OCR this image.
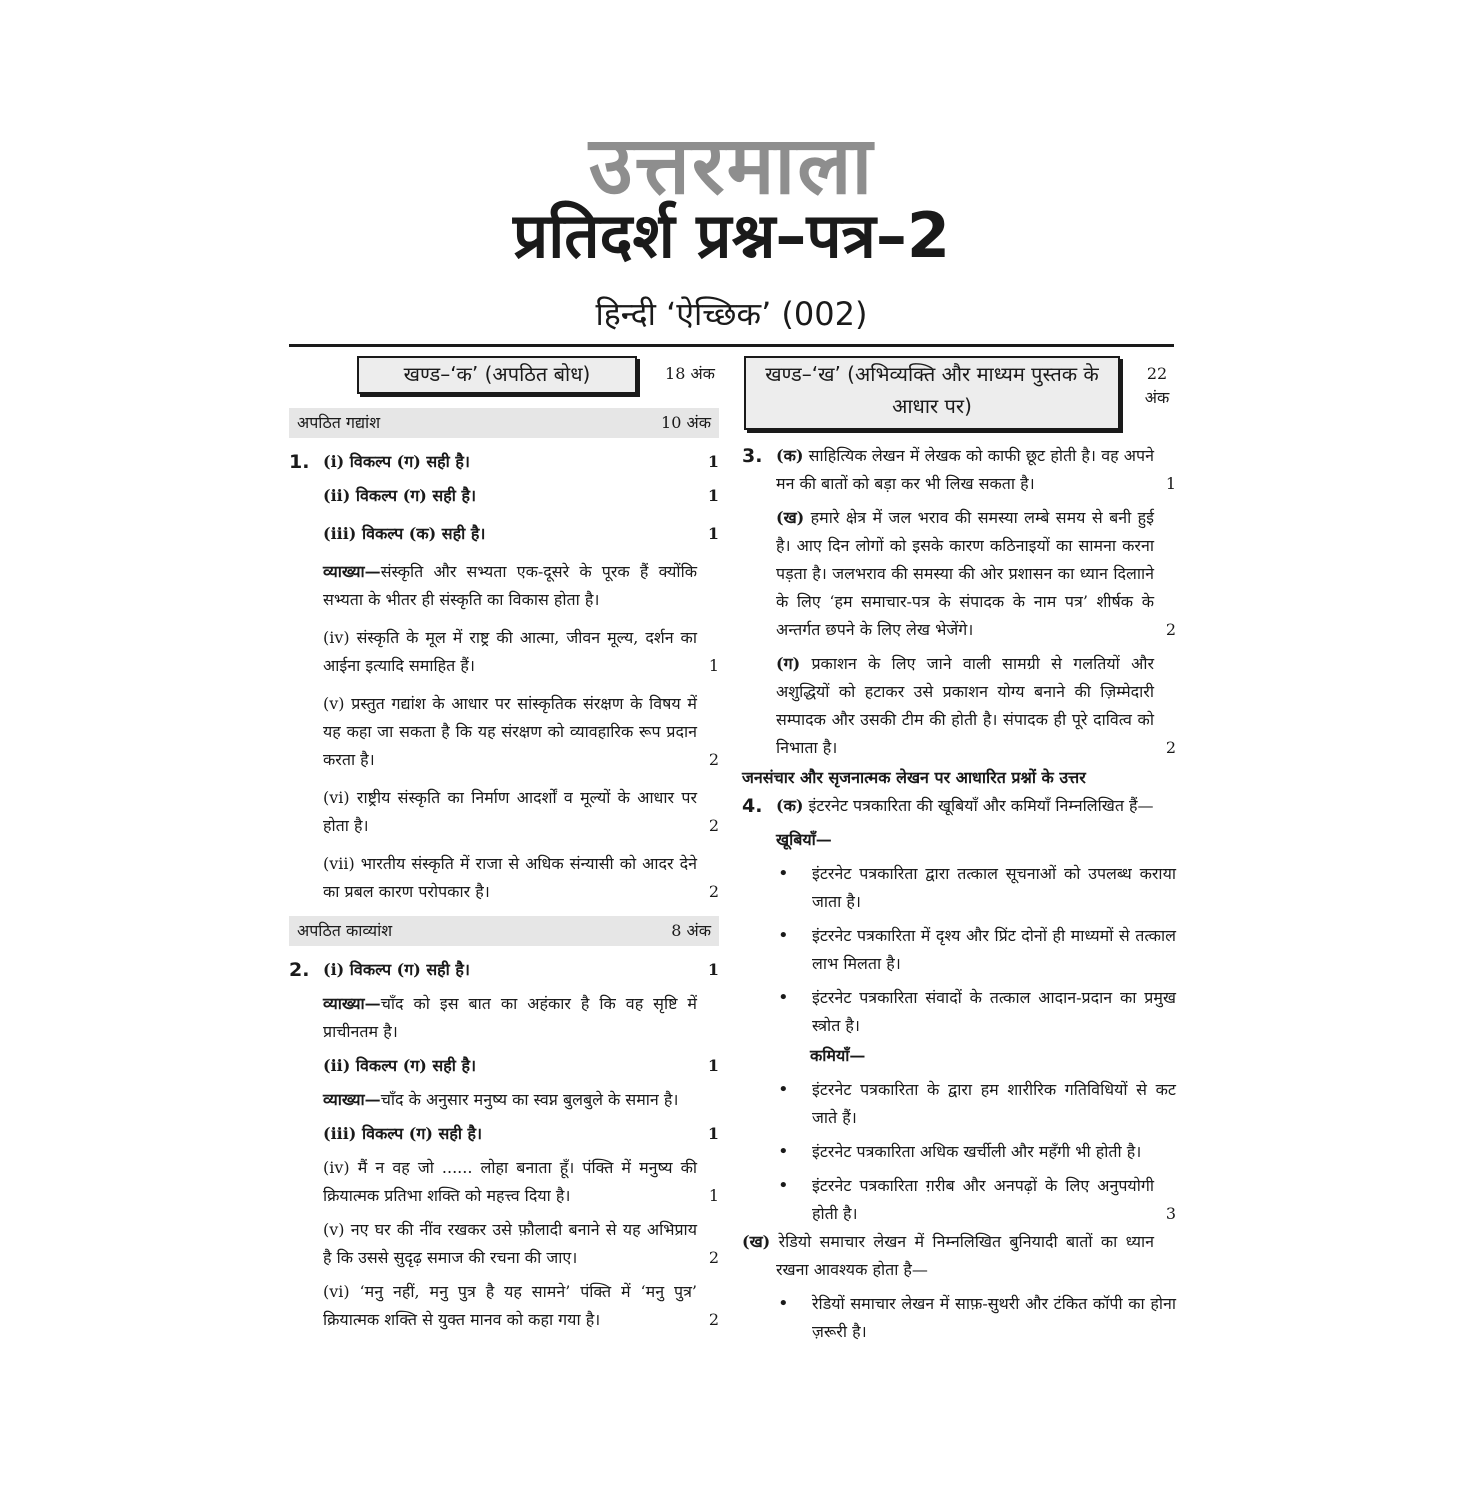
उत्तरमाला
प्रतिदर्श प्रश्न–पत्र–2
हिन्दी ‘ऐच्छिक’ (002)
खण्ड–‘क’ (अपठित बोध)	18 अंक
अपठित गद्यांश	10 अंक
1. (i) विकल्प (ग) सही है।	1
(ii) विकल्प (ग) सही है।	1
(iii) विकल्प (क) सही है।	1
व्याख्या—संस्कृति और सभ्यता एक-दूसरे के पूरक हैं क्योंकि सभ्यता के भीतर ही संस्कृति का विकास होता है।
(iv) संस्कृति के मूल में राष्ट्र की आत्मा, जीवन मूल्य, दर्शन का आईना इत्यादि समाहित हैं।	1
(v) प्रस्तुत गद्यांश के आधार पर सांस्कृतिक संरक्षण के विषय में यह कहा जा सकता है कि यह संरक्षण को व्यावहारिक रूप प्रदान करता है।	2
(vi) राष्ट्रीय संस्कृति का निर्माण आदर्शों व मूल्यों के आधार पर होता है।	2
(vii) भारतीय संस्कृति में राजा से अधिक संन्यासी को आदर देने का प्रबल कारण परोपकार है।	2
अपठित काव्यांश	8 अंक
2. (i) विकल्प (ग) सही है।	1
व्याख्या—चाँद को इस बात का अहंकार है कि वह सृष्टि में प्राचीनतम है।
(ii) विकल्प (ग) सही है।	1
व्याख्या—चाँद के अनुसार मनुष्य का स्वप्न बुलबुले के समान है।
(iii) विकल्प (ग) सही है।	1
(iv) मैं न वह जो ...... लोहा बनाता हूँ। पंक्ति में मनुष्य की क्रियात्मक प्रतिभा शक्ति को महत्त्व दिया है।	1
(v) नए घर की नींव रखकर उसे फ़ौलादी बनाने से यह अभिप्राय है कि उससे सुदृढ़ समाज की रचना की जाए।	2
(vi) ‘मनु नहीं, मनु पुत्र है यह सामने’ पंक्ति में ‘मनु पुत्र’ क्रियात्मक शक्ति से युक्त मानव को कहा गया है।	2
खण्ड–‘ख’ (अभिव्यक्ति और माध्यम पुस्तक के आधार पर)
22
अंक
3. (क) साहित्यिक लेखन में लेखक को काफी छूट होती है। वह अपने मन की बातों को बड़ा कर भी लिख सकता है।	1
(ख) हमारे क्षेत्र में जल भराव की समस्या लम्बे समय से बनी हुई है। आए दिन लोगों को इसके कारण कठिनाइयों का सामना करना पड़ता है। जलभराव की समस्या की ओर प्रशासन का ध्यान दिलााने के लिए ‘हम समाचार-पत्र के संपादक के नाम पत्र’ शीर्षक के अन्तर्गत छपने के लिए लेख भेजेंगे।	2
(ग) प्रकाशन के लिए जाने वाली सामग्री से गलतियों और अशुद्धियों को हटाकर उसे प्रकाशन योग्य बनाने की ज़िम्मेदारी सम्पादक और उसकी टीम की होती है। संपादक ही पूरे दावित्व को निभाता है।	2
जनसंचार और सृजनात्मक लेखन पर आधारित प्रश्नों के उत्तर
4. (क) इंटरनेट पत्रकारिता की खूबियाँ और कमियाँ निम्नलिखित हैं—
खूबियाँ—
• इंटरनेट पत्रकारिता द्वारा तत्काल सूचनाओं को उपलब्ध कराया जाता है।
• इंटरनेट पत्रकारिता में दृश्य और प्रिंट दोनों ही माध्यमों से तत्काल लाभ मिलता है।
• इंटरनेट पत्रकारिता संवादों के तत्काल आदान-प्रदान का प्रमुख स्त्रोत है।
कमियाँ—
• इंटरनेट पत्रकारिता के द्वारा हम शारीरिक गतिविधियों से कट जाते हैं।
• इंटरनेट पत्रकारिता अधिक खर्चीली और महँगी भी होती है।
• इंटरनेट पत्रकारिता ग़रीब और अनपढ़ों के लिए अनुपयोगी होती है।	3
(ख) रेडियो समाचार लेखन में निम्नलिखित बुनियादी बातों का ध्यान रखना आवश्यक होता है—
• रेडियों समाचार लेखन में साफ़-सुथरी और टंकित कॉपी का होना ज़रूरी है।
